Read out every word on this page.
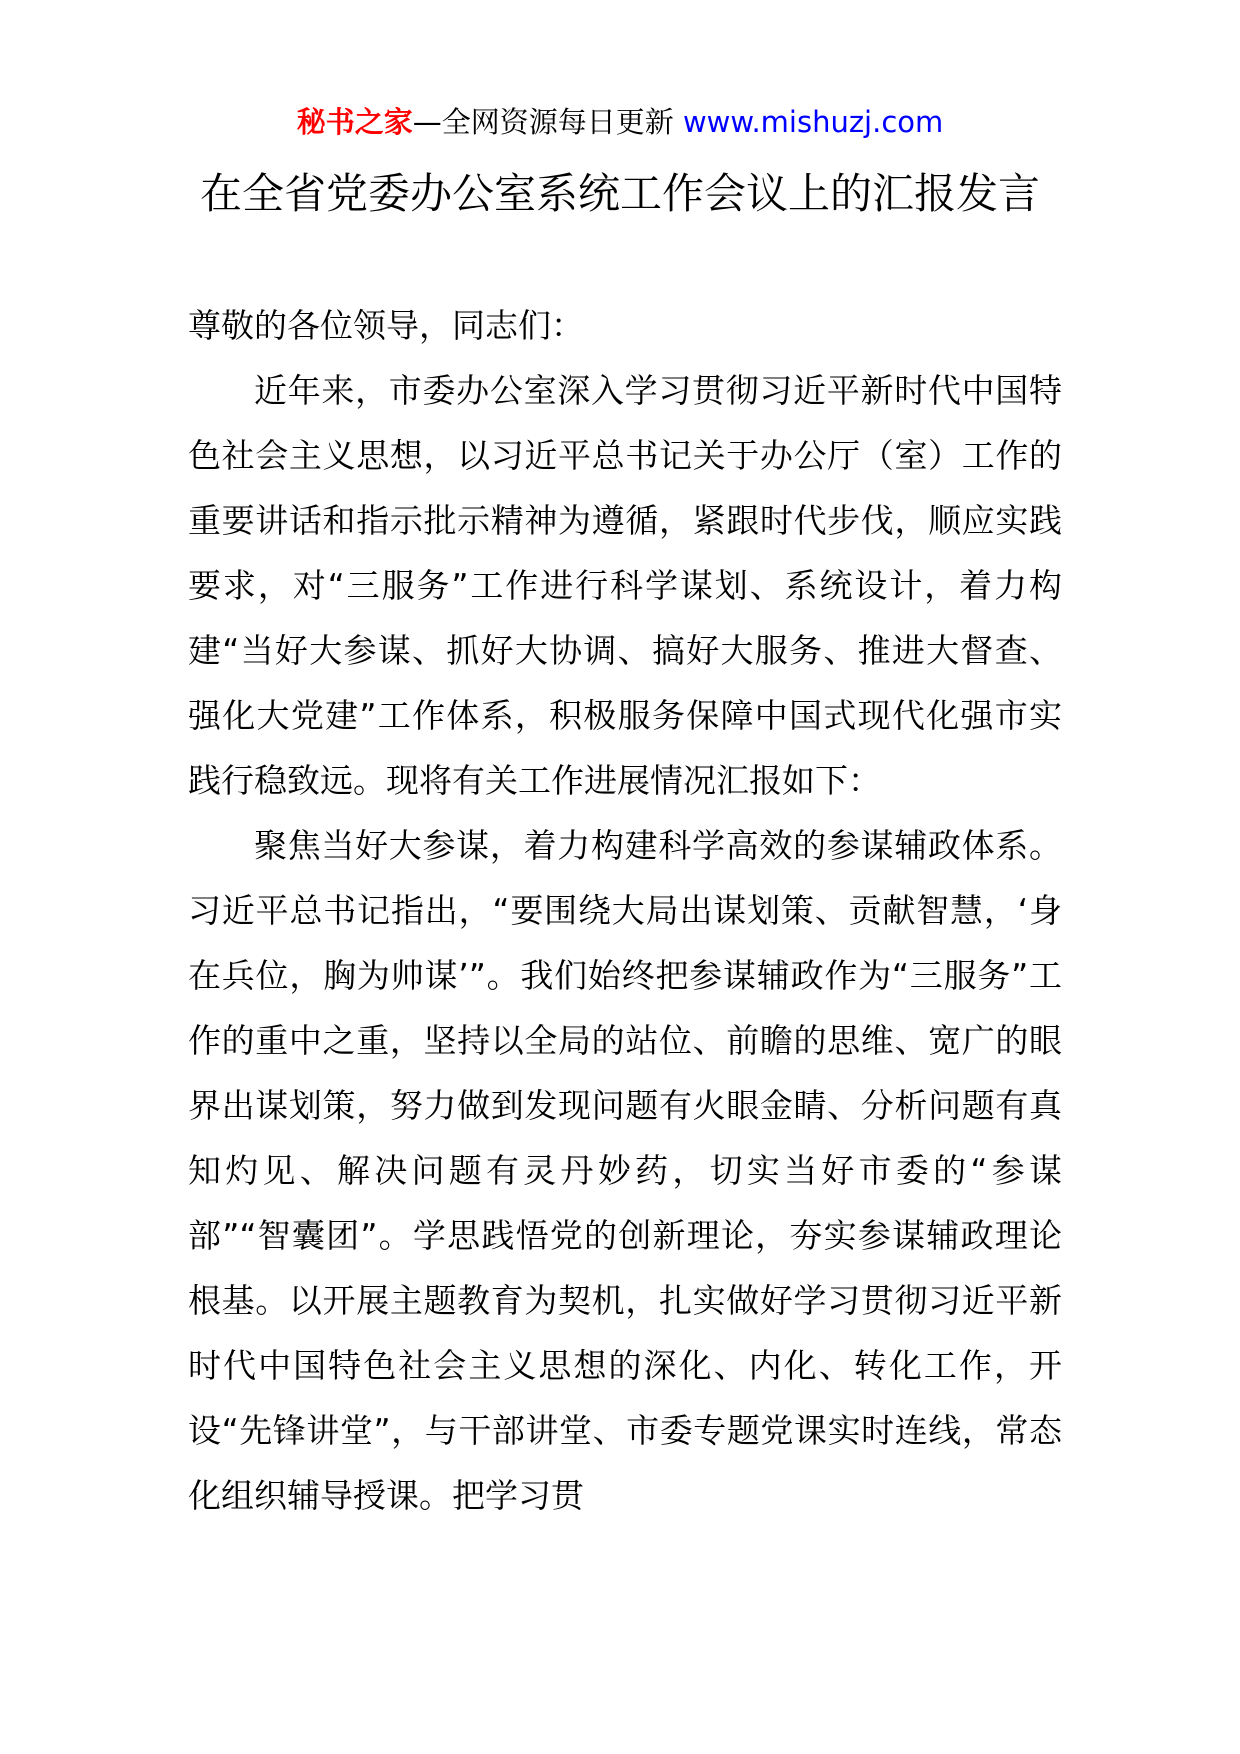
秘书之家—全网资源每日更新 www.mishuzj.com
在全省党委办公室系统工作会议上的汇报发言

尊敬的各位领导，同志们：

近年来，市委办公室深入学习贯彻习近平新时代中国特色社会主义思想，以习近平总书记关于办公厅（室）工作的重要讲话和指示批示精神为遵循，紧跟时代步伐，顺应实践要求，对“三服务”工作进行科学谋划、系统设计，着力构建“当好大参谋、抓好大协调、搞好大服务、推进大督查、强化大党建”工作体系，积极服务保障中国式现代化强市实践行稳致远。现将有关工作进展情况汇报如下：

聚焦当好大参谋，着力构建科学高效的参谋辅政体系。习近平总书记指出，“要围绕大局出谋划策、贡献智慧，‘身在兵位，胸为帅谋’”。我们始终把参谋辅政作为“三服务”工作的重中之重，坚持以全局的站位、前瞻的思维、宽广的眼界出谋划策，努力做到发现问题有火眼金睛、分析问题有真知灼见、解决问题有灵丹妙药，切实当好市委的“参谋部”“智囊团”。学思践悟党的创新理论，夯实参谋辅政理论根基。以开展主题教育为契机，扎实做好学习贯彻习近平新时代中国特色社会主义思想的深化、内化、转化工作，开设“先锋讲堂”，与干部讲堂、市委专题党课实时连线，常态化组织辅导授课。把学习贯
